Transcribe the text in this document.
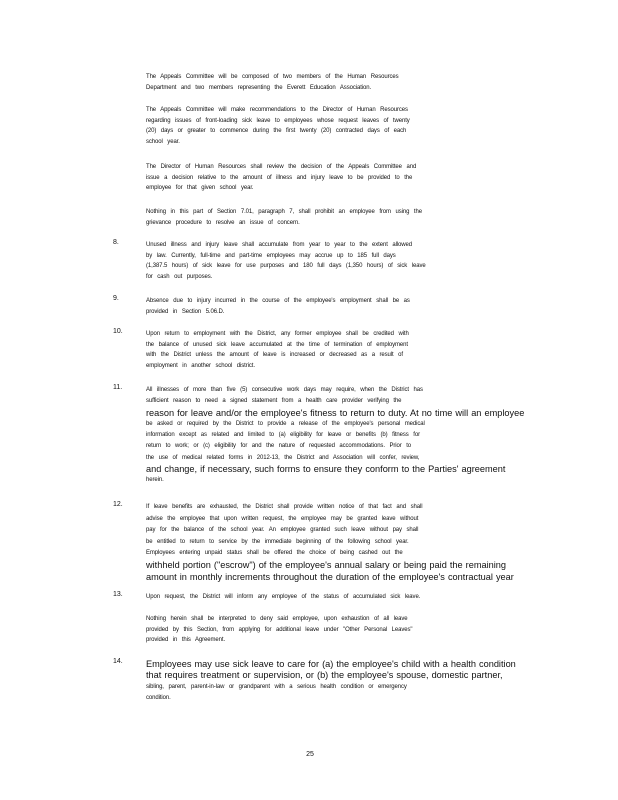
The Appeals Committee will be composed of two members of the Human Resources
Department and two members representing the Everett Education Association.
The Appeals Committee will make recommendations to the Director of Human Resources
regarding issues of front-loading sick leave to employees whose request leaves of twenty
(20) days or greater to commence during the first twenty (20) contracted days of each
school year.
The Director of Human Resources shall review the decision of the Appeals Committee and
issue a decision relative to the amount of illness and injury leave to be provided to the
employee for that given school year.
Nothing in this part of Section 7.01, paragraph 7, shall prohibit an employee from using the
grievance procedure to resolve an issue of concern.
8.	Unused illness and injury leave shall accumulate from year to year to the extent allowed
by law. Currently, full-time and part-time employees may accrue up to 185 full days
(1,387.5 hours) of sick leave for use purposes and 180 full days (1,350 hours) of sick leave
for cash out purposes.
9.	Absence due to injury incurred in the course of the employee's employment shall be as
provided in Section 5.06.D.
10.	Upon return to employment with the District, any former employee shall be credited with
the balance of unused sick leave accumulated at the time of termination of employment
with the District unless the amount of leave is increased or decreased as a result of
employment in another school district.
11.	All illnesses of more than five (5) consecutive work days may require, when the District has
sufficient reason to need a signed statement from a health care provider verifying the
reason for leave and/or the employee's fitness to return to duty. At no time will an employee
be asked or required by the District to provide a release of the employee's personal medical
information except as related and limited to (a) eligibility for leave or benefits (b) fitness for
return to work; or (c) eligibility for and the nature of requested accommodations. Prior to
the use of medical related forms in 2012-13, the District and Association will confer, review,
and change, if necessary, such forms to ensure they conform to the Parties' agreement
herein.
12.	If leave benefits are exhausted, the District shall provide written notice of that fact and shall
advise the employee that upon written request, the employee may be granted leave without
pay for the balance of the school year. An employee granted such leave without pay shall
be entitled to return to service by the immediate beginning of the following school year.
Employees entering unpaid status shall be offered the choice of being cashed out the
withheld portion ("escrow") of the employee's annual salary or being paid the remaining
amount in monthly increments throughout the duration of the employee's contractual year
13.	Upon request, the District will inform any employee of the status of accumulated sick leave.
Nothing herein shall be interpreted to deny said employee, upon exhaustion of all leave
provided by this Section, from applying for additional leave under "Other Personal Leaves"
provided in this Agreement.
14.	Employees may use sick leave to care for (a) the employee's child with a health condition
that requires treatment or supervision, or (b) the employee's spouse, domestic partner,
sibling, parent, parent-in-law or grandparent with a serious health condition or emergency
condition.
25
